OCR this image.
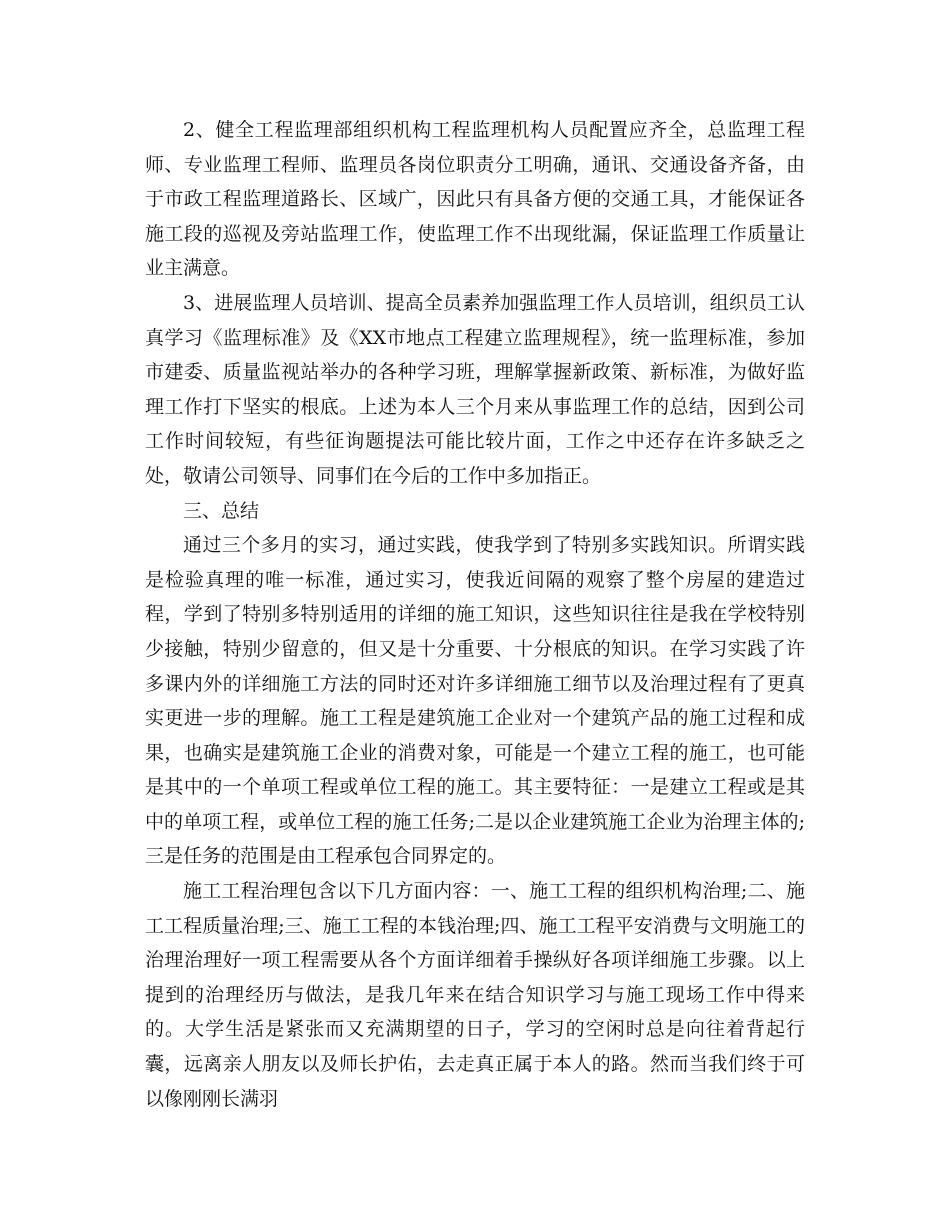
2、健全工程监理部组织机构工程监理机构人员配置应齐全，总监理工程师、专业监理工程师、监理员各岗位职责分工明确，通讯、交通设备齐备，由于市政工程监理道路长、区域广，因此只有具备方便的交通工具，才能保证各施工段的巡视及旁站监理工作，使监理工作不出现纰漏，保证监理工作质量让业主满意。

3、进展监理人员培训、提高全员素养加强监理工作人员培训，组织员工认真学习《监理标准》及《XX市地点工程建立监理规程》，统一监理标准，参加市建委、质量监视站举办的各种学习班，理解掌握新政策、新标准，为做好监理工作打下坚实的根底。上述为本人三个月来从事监理工作的总结，因到公司工作时间较短，有些征询题提法可能比较片面，工作之中还存在许多缺乏之处，敬请公司领导、同事们在今后的工作中多加指正。

三、总结

通过三个多月的实习，通过实践，使我学到了特别多实践知识。所谓实践是检验真理的唯一标准，通过实习，使我近间隔的观察了整个房屋的建造过程，学到了特别多特别适用的详细的施工知识，这些知识往往是我在学校特别少接触，特别少留意的，但又是十分重要、十分根底的知识。在学习实践了许多课内外的详细施工方法的同时还对许多详细施工细节以及治理过程有了更真实更进一步的理解。施工工程是建筑施工企业对一个建筑产品的施工过程和成果，也确实是建筑施工企业的消费对象，可能是一个建立工程的施工，也可能是其中的一个单项工程或单位工程的施工。其主要特征：一是建立工程或是其中的单项工程，或单位工程的施工任务;二是以企业建筑施工企业为治理主体的;三是任务的范围是由工程承包合同界定的。

施工工程治理包含以下几方面内容：一、施工工程的组织机构治理;二、施工工程质量治理;三、施工工程的本钱治理;四、施工工程平安消费与文明施工的治理治理好一项工程需要从各个方面详细着手操纵好各项详细施工步骤。以上提到的治理经历与做法，是我几年来在结合知识学习与施工现场工作中得来的。大学生活是紧张而又充满期望的日子，学习的空闲时总是向往着背起行囊，远离亲人朋友以及师长护佑，去走真正属于本人的路。然而当我们终于可以像刚刚长满羽
